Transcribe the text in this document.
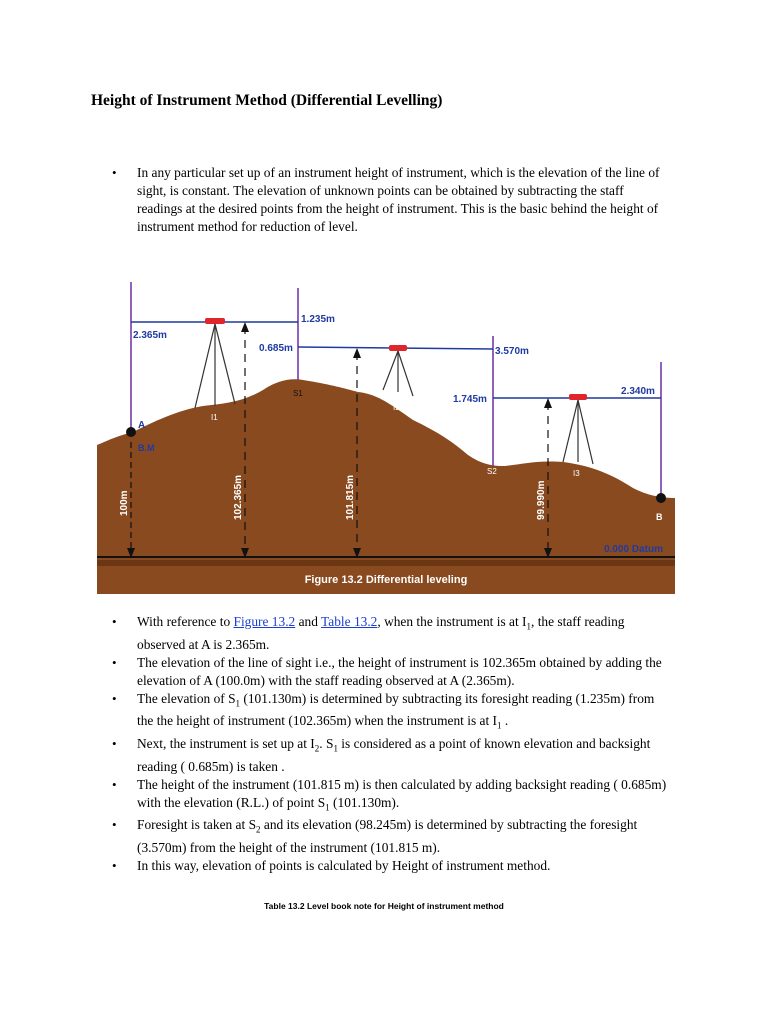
Height of Instrument Method (Differential Levelling)
• In any particular set up of an instrument height of instrument, which is the elevation of the line of sight, is constant. The elevation of unknown points can be obtained by subtracting the staff readings at the desired points from the height of instrument. This is the basic behind the height of instrument method for reduction of level.
Figure 13.2 Differential leveling
0.000 Datum
I1
I2
I3
100m	102.365m	101.815m	99.990m
2.365m
1.235m
0.685m	3.570m
1.745m
2.340m
A
B.M
S1
S2
B
• With reference to Figure 13.2 and Table 13.2, when the instrument is at $I_1$, the staff reading observed at A is 2.365m.
• The elevation of the line of sight i.e., the height of instrument is 102.365m obtained by adding the elevation of A (100.0m) with the staff reading observed at A (2.365m).
• The elevation of $S_1$ (101.130m) is determined by subtracting its foresight reading (1.235m) from the the height of instrument (102.365m) when the instrument is at $I_1$ .
• Next, the instrument is set up at $I_2$. $S_1$ is considered as a point of known elevation and backsight reading ( 0.685m) is taken .
• The height of the instrument (101.815 m) is then calculated by adding backsight reading ( 0.685m) with the elevation (R.L.) of point $S_1$ (101.130m).
• Foresight is taken at $S_2$ and its elevation (98.245m) is determined by subtracting the foresight (3.570m) from the height of the instrument (101.815 m).
• In this way, elevation of points is calculated by Height of instrument method.
Table 13.2 Level book note for Height of instrument method
